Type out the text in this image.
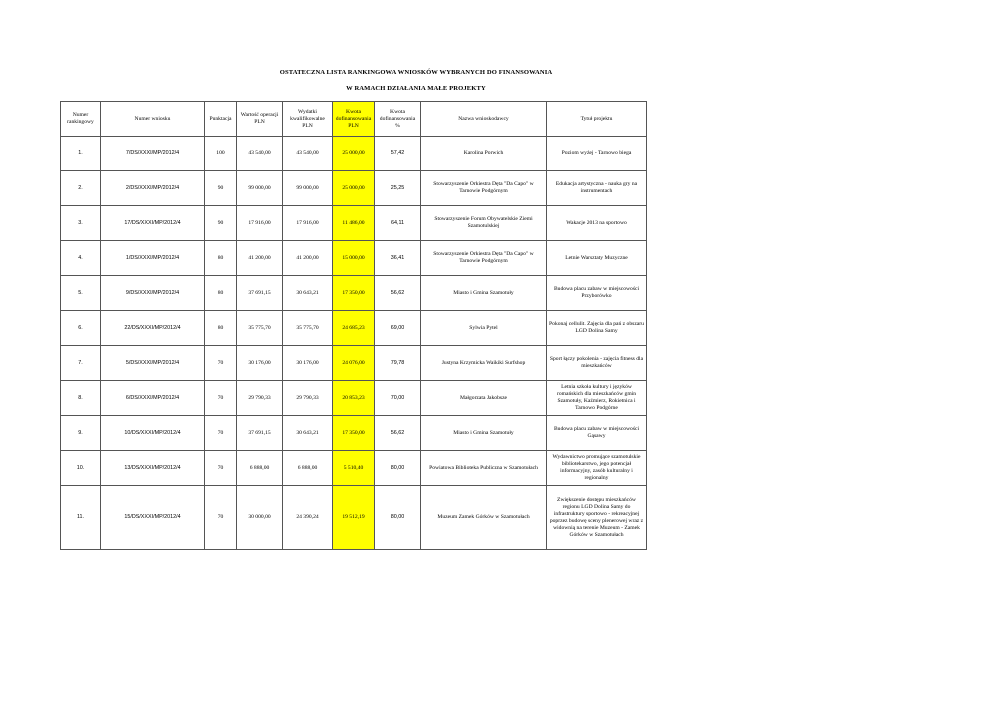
OSTATECZNA LISTA RANKINGOWA WNIOSKÓW WYBRANYCH DO FINANSOWANIA
W RAMACH DZIAŁANIA MAŁE PROJEKTY
Numer rankingowy	Numer wniosku	Punktacja	Wartość operacji PLN	Wydatki kwalifikowalne PLN	Kwota dofinansowania PLN	Kwota dofinansowania %	Nazwa wnioskodawcy	Tytuł projektu
1.	7/DS/XXXI/MP/2012/4	100	43 540,00	43 540,00	25 000,00	57,42	Karolina Porwich	Poziom wyżej - Tarnowo biega
2.	2/DS/XXXI/MP/2012/4	90	99 000,00	99 000,00	25 000,00	25,25	Stowarzyszenie Orkiestra Dęta "Da Capo" w Tarnowie Podgórnym	Edukacja artystyczna - nauka gry na instrumentach
3.	17/DS/XXXI/MP/2012/4	90	17 916,00	17 916,00	11 486,00	64,11	Stowarzyszenie Forum Obywatelskie Ziemi Szamotulskiej	Wakacje 2013 na sportowo
4.	1/DS/XXXI/MP/2012/4	80	41 200,00	41 200,00	15 000,00	36,41	Stowarzyszenie Orkiestra Dęta "Da Capo" w Tarnowie Podgórnym	Letnie Warsztaty Muzyczne
5.	9/DS/XXXI/MP/2012/4	80	37 691,15	30 643,21	17 350,00	56,62	Miasto i Gmina Szamotuły	Budowa placu zabaw w miejscowości Przyborówko
6.	22/DS/XXXI/MP/2012/4	80	35 775,70	35 775,70	24 685,23	69,00	Sylwia Pytel	Pokonaj cellulit. Zajęcia dla pań z obszaru LGD Dolina Samy
7.	5/DS/XXXI/MP/2012/4	70	30 176,00	30 176,00	24 076,00	79,78	Justyna Krzymicka Waikiki Surfshop	Sport łączy pokolenia - zajęcia fitness dla mieszkańców
8.	6/DS/XXXI/MP/2012/4	70	29 790,33	29 790,33	20 853,23	70,00	Małgorzata Jakobsze	Letnia szkoła kultury i języków romańskich dla mieszkańców gmin Szamotuły, Kaźmierz, Rokietnica i Tarnowo Podgórne
9.	10/DS/XXXI/MP/2012/4	70	37 691,15	30 643,21	17 350,00	56,62	Miasto i Gmina Szamotuły	Budowa placu zabaw w miejscowości Gąsawy
10.	13/DS/XXXI/MP/2012/4	70	6 888,00	6 888,00	5 510,40	80,00	Powiatowa Biblioteka Publiczna w Szamotułach	Wydawnictwo promujące szamotulskie bibliotekarstwo, jego potencjał informacyjny, zasób kulturalny i regionalny
11.	15/DS/XXXI/MP/2012/4	70	30 000,00	24 390,24	19 512,19	80,00	Muzeum Zamek Górków w Szamotułach	Zwiększenie dostępu mieszkańców regionu LGD Dolina Samy do infrastruktury sportowo - rekreacyjnej poprzez budowę sceny plenerowej wraz z widownią na terenie Muzeum - Zamek Górków w Szamotułach
